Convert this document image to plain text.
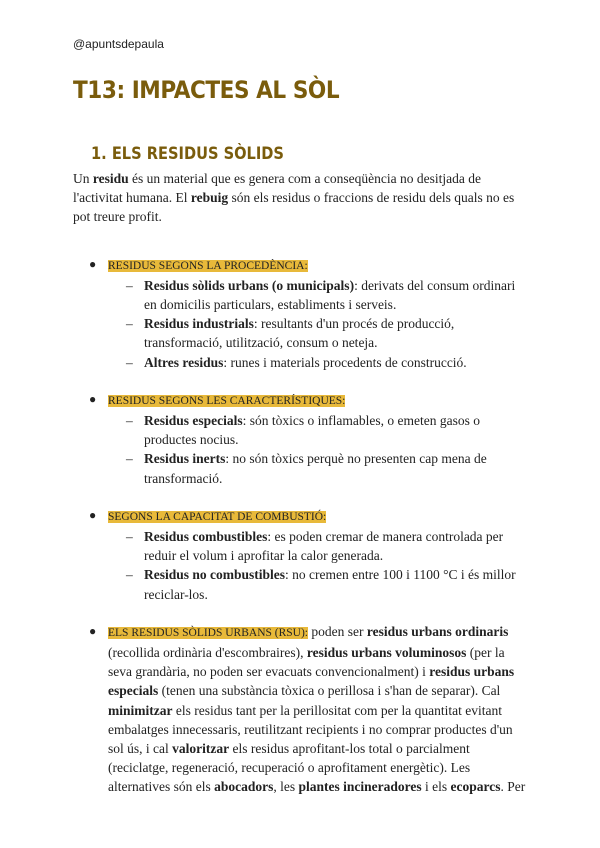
@apuntsdepaula
T13: IMPACTES AL SÒL
1. ELS RESIDUS SÒLIDS

Un residu és un material que es genera com a conseqüència no desitjada de l'activitat humana. El rebuig són els residus o fraccions de residu dels quals no es pot treure profit.

● RESIDUS SEGONS LA PROCEDÈNCIA:

– Residus sòlids urbans (o municipals): derivats del consum ordinari en domicilis particulars, establiments i serveis.
– Residus industrials: resultants d'un procés de producció, transformació, utilització, consum o neteja.
– Altres residus: runes i materials procedents de construcció.
● RESIDUS SEGONS LES CARACTERÍSTIQUES:

– Residus especials: són tòxics o inflamables, o emeten gasos o productes nocius.
– Residus inerts: no són tòxics perquè no presenten cap mena de transformació.
● SEGONS LA CAPACITAT DE COMBUSTIÓ:

– Residus combustibles: es poden cremar de manera controlada per reduir el volum i aprofitar la calor generada.
– Residus no combustibles: no cremen entre 100 i 1100 °C i és millor reciclar-los.
● ELS RESIDUS SÒLIDS URBANS (RSU): poden ser residus urbans ordinaris (recollida ordinària d'escombraires), residus urbans voluminosos (per la seva grandària, no poden ser evacuats convencionalment) i residus urbans especials (tenen una substància tòxica o perillosa i s'han de separar). Cal minimitzar els residus tant per la perillositat com per la quantitat evitant embalatges innecessaris, reutilitzant recipients i no comprar productes d'un sol ús, i cal valoritzar els residus aprofitant-los total o parcialment (reciclatge, regeneració, recuperació o aprofitament energètic). Les alternatives són els abocadors, les plantes incineradores i els ecoparcs. Per
